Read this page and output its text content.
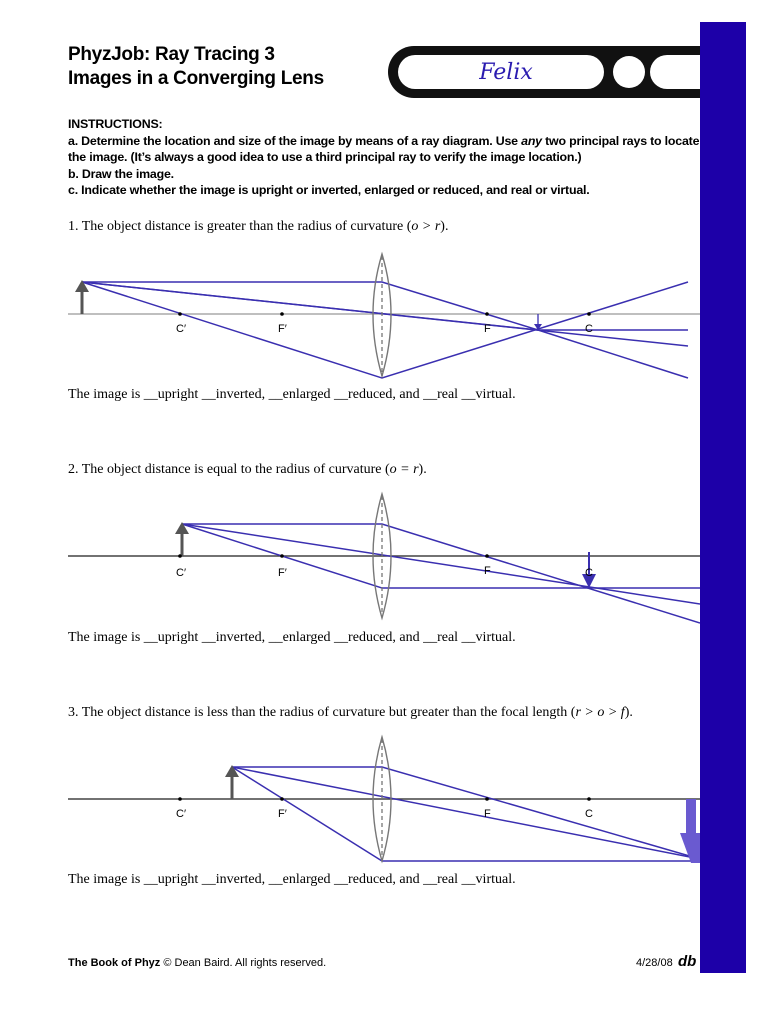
PhyzJob: Ray Tracing 3
Images in a Converging Lens	Felix
INSTRUCTIONS:
a. Determine the location and size of the image by means of a ray diagram. Use any two principal rays to locate the image. (It’s always a good idea to use a third principal ray to verify the image location.)
b. Draw the image.
c. Indicate whether the image is upright or inverted, enlarged or reduced, and real or virtual.
1. The object distance is greater than the radius of curvature (o > r).
C′	F′	F	C
The image is __upright __inverted, __enlarged __reduced, and __real __virtual.
2. The object distance is equal to the radius of curvature (o = r).
C′	F′	F	C
The image is __upright __inverted, __enlarged __reduced, and __real __virtual.
3. The object distance is less than the radius of curvature but greater than the focal length (r > o > f).
C′	F′	F	C
The image is __upright __inverted, __enlarged __reduced, and __real __virtual.
The Book of Phyz © Dean Baird. All rights reserved.	4/28/08 db
